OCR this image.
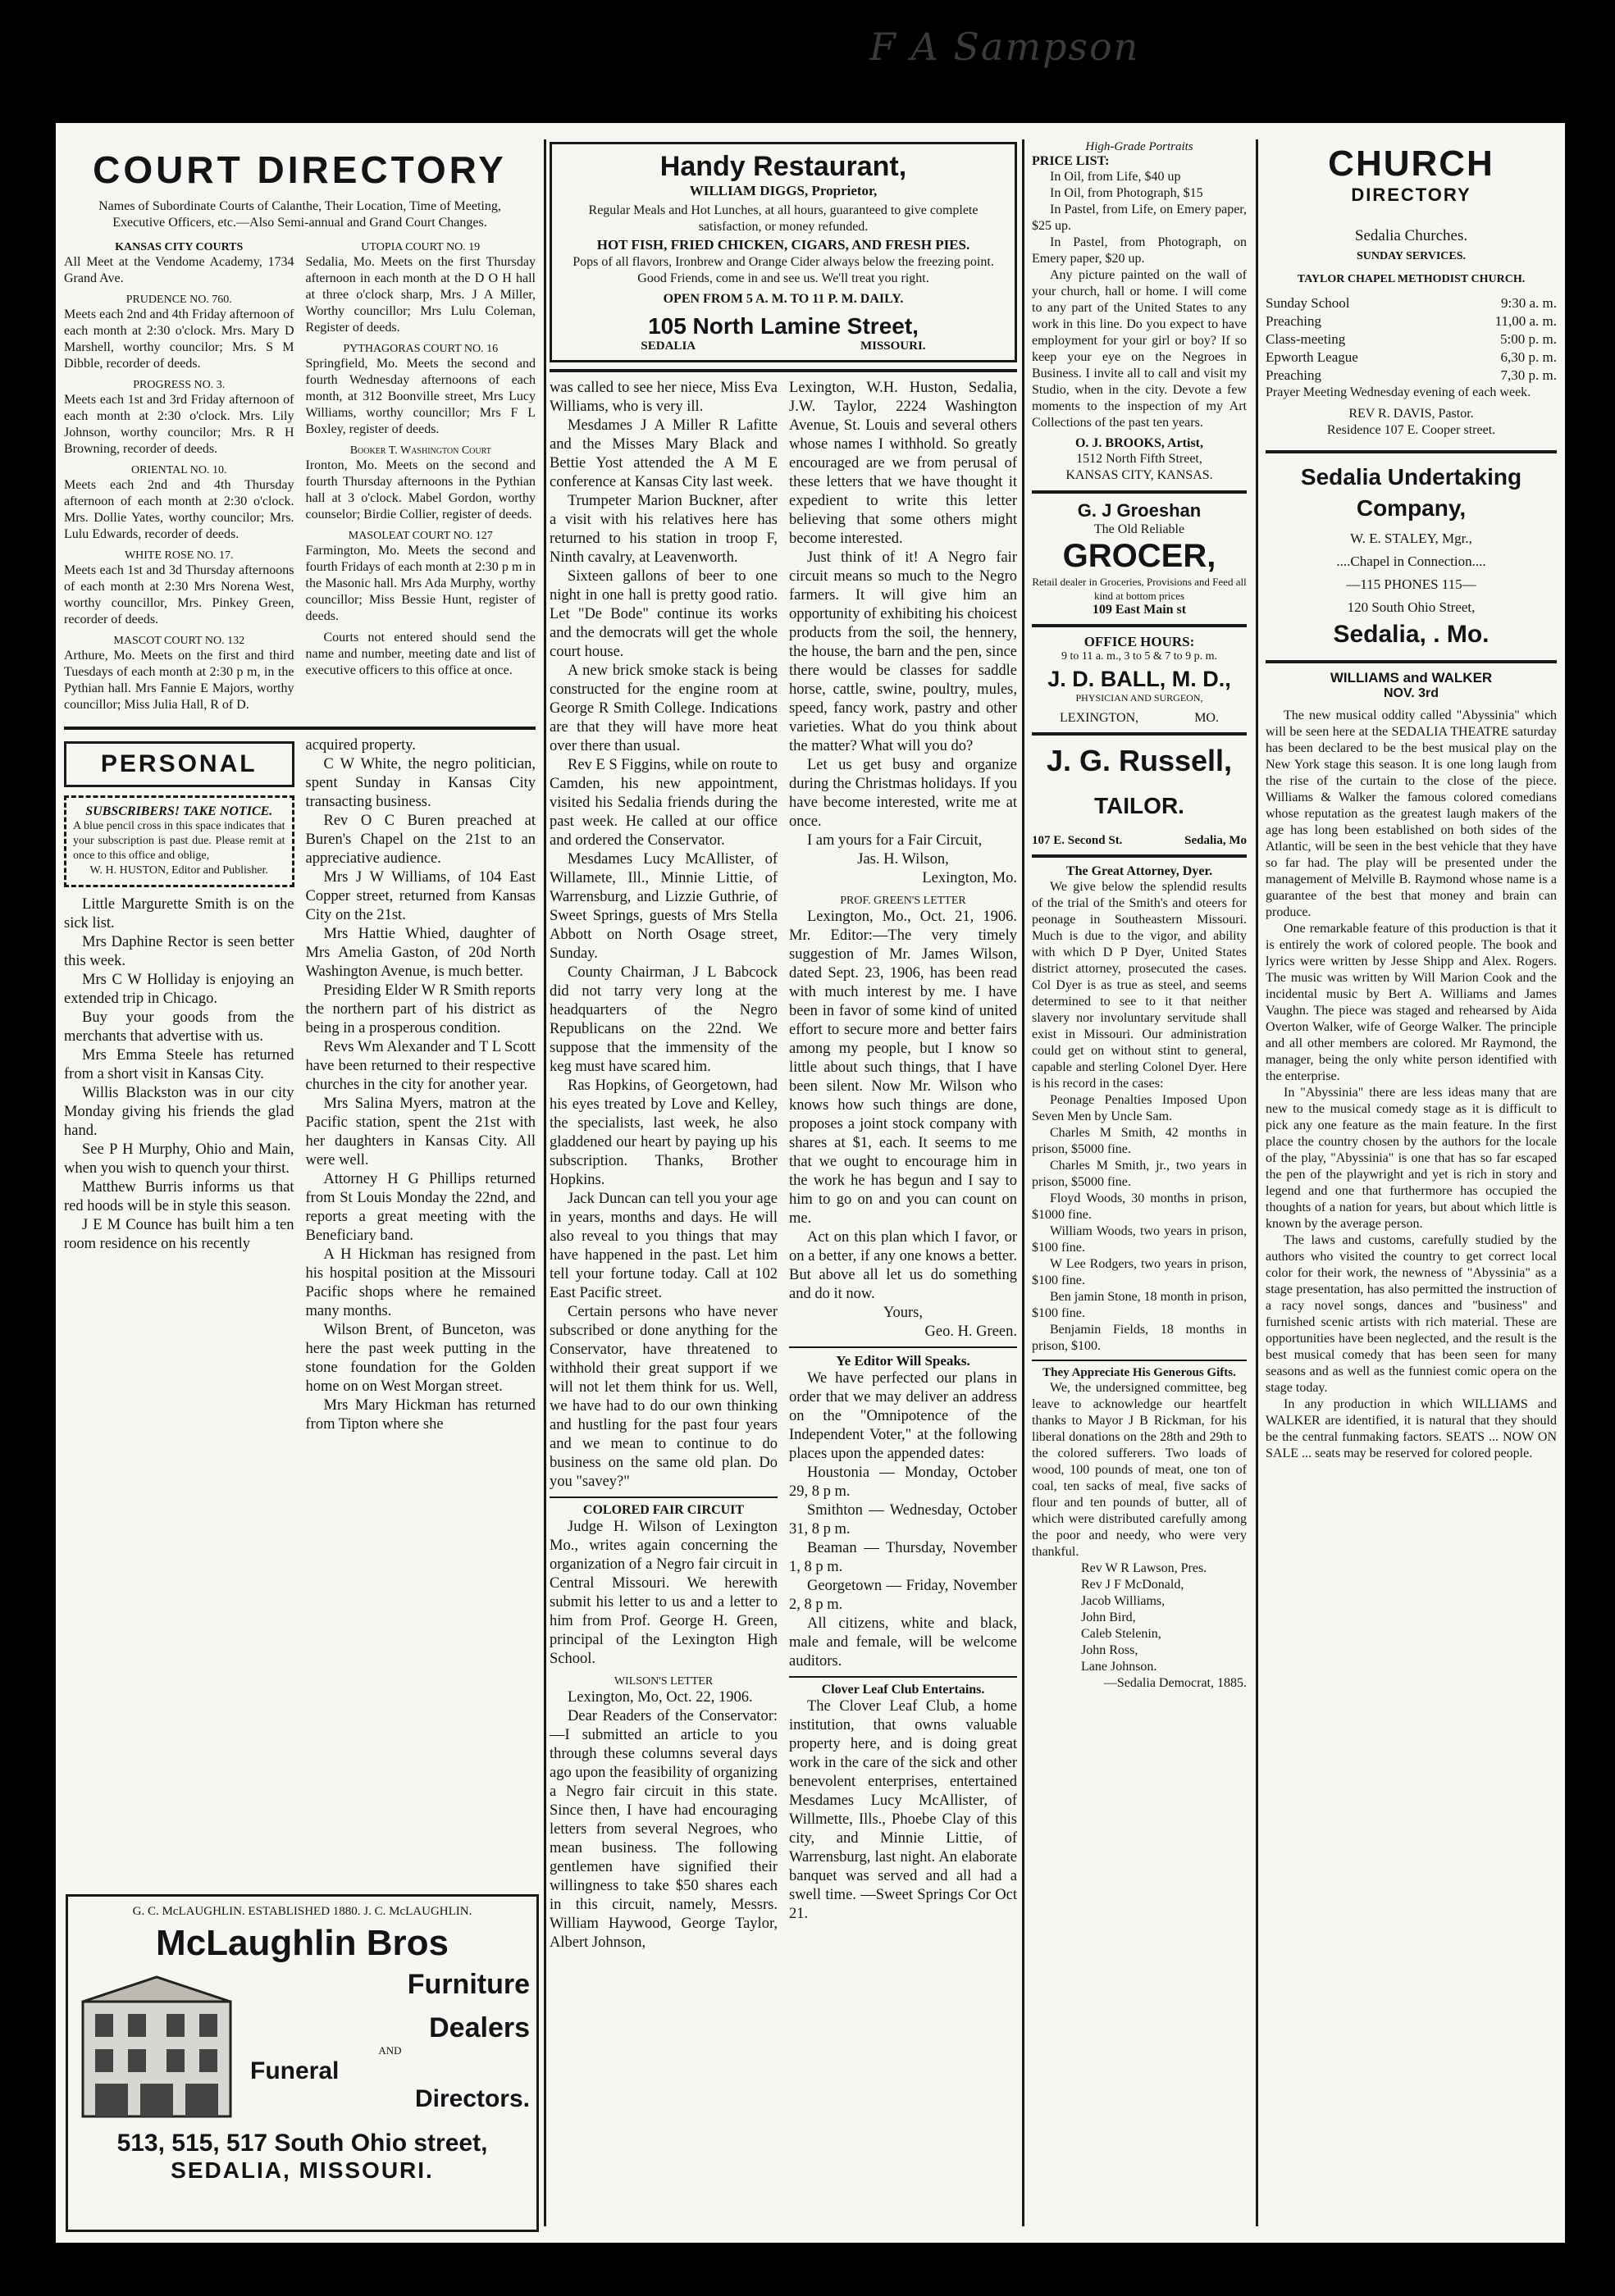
F A Sampson
COURT DIRECTORY

Names of Subordinate Courts of Calanthe, Their Location, Time of Meeting, Executive Officers, etc.—Also Semi-annual and Grand Court Changes.

KANSAS CITY COURTS

All Meet at the Vendome Academy, 1734 Grand Ave.

PRUDENCE NO. 760.

Meets each 2nd and 4th Friday afternoon of each month at 2:30 o'clock. Mrs. Mary D Marshell, worthy councilor; Mrs. S M Dibble, recorder of deeds.

PROGRESS NO. 3.

Meets each 1st and 3rd Friday afternoon of each month at 2:30 o'clock. Mrs. Lily Johnson, worthy councilor; Mrs. R H Browning, recorder of deeds.

ORIENTAL NO. 10.

Meets each 2nd and 4th Thursday afternoon of each month at 2:30 o'clock. Mrs. Dollie Yates, worthy councilor; Mrs. Lulu Edwards, recorder of deeds.

WHITE ROSE NO. 17.

Meets each 1st and 3d Thursday afternoons of each month at 2:30 Mrs Norena West, worthy councillor, Mrs. Pinkey Green, recorder of deeds.

MASCOT COURT NO. 132

Arthure, Mo. Meets on the first and third Tuesdays of each month at 2:30 p m, in the Pythian hall. Mrs Fannie E Majors, worthy councillor; Miss Julia Hall, R of D.

UTOPIA COURT NO. 19

Sedalia, Mo. Meets on the first Thursday afternoon in each month at the D O H hall at three o'clock sharp, Mrs. J A Miller, Worthy councillor; Mrs Lulu Coleman, Register of deeds.

PYTHAGORAS COURT NO. 16

Springfield, Mo. Meets the second and fourth Wednesday afternoons of each month, at 312 Boonville street, Mrs Lucy Williams, worthy councillor; Mrs F L Boxley, register of deeds.

Booker T. Washington Court

Ironton, Mo. Meets on the second and fourth Thursday afternoons in the Pythian hall at 3 o'clock. Mabel Gordon, worthy counselor; Birdie Collier, register of deeds.

MASOLEAT COURT NO. 127

Farmington, Mo. Meets the second and fourth Fridays of each month at 2:30 p m in the Masonic hall. Mrs Ada Murphy, worthy councillor; Miss Bessie Hunt, register of deeds.

Courts not entered should send the name and number, meeting date and list of executive officers to this office at once.

PERSONAL
SUBSCRIBERS! TAKE NOTICE.

A blue pencil cross in this space indicates that your subscription is past due. Please remit at once to this office and oblige,

W. H. HUSTON, Editor and Publisher.

Little Margurette Smith is on the sick list.

Mrs Daphine Rector is seen better this week.

Mrs C W Holliday is enjoying an extended trip in Chicago.

Buy your goods from the merchants that advertise with us.

Mrs Emma Steele has returned from a short visit in Kansas City.

Willis Blackston was in our city Monday giving his friends the glad hand.

See P H Murphy, Ohio and Main, when you wish to quench your thirst.

Matthew Burris informs us that red hoods will be in style this season.

J E M Counce has built him a ten room residence on his recently

acquired property.

C W White, the negro politician, spent Sunday in Kansas City transacting business.

Rev O C Buren preached at Buren's Chapel on the 21st to an appreciative audience.

Mrs J W Williams, of 104 East Copper street, returned from Kansas City on the 21st.

Mrs Hattie Whied, daughter of Mrs Amelia Gaston, of 20d North Washington Avenue, is much better.

Presiding Elder W R Smith reports the northern part of his district as being in a prosperous condition.

Revs Wm Alexander and T L Scott have been returned to their respective churches in the city for another year.

Mrs Salina Myers, matron at the Pacific station, spent the 21st with her daughters in Kansas City. All were well.

Attorney H G Phillips returned from St Louis Monday the 22nd, and reports a great meeting with the Beneficiary band.

A H Hickman has resigned from his hospital position at the Missouri Pacific shops where he remained many months.

Wilson Brent, of Bunceton, was here the past week putting in the stone foundation for the Golden home on on West Morgan street.

Mrs Mary Hickman has returned from Tipton where she

G. C. McLAUGHLIN. ESTABLISHED 1880. J. C. McLAUGHLIN.
McLaughlin Bros
Furniture
Dealers
AND
Funeral
Directors.
513, 515, 517 South Ohio street,
SEDALIA, MISSOURI.
Handy Restaurant,
WILLIAM DIGGS, Proprietor,

Regular Meals and Hot Lunches, at all hours, guaranteed to give complete satisfaction, or money refunded.

HOT FISH, FRIED CHICKEN, CIGARS, AND FRESH PIES.

Pops of all flavors, Ironbrew and Orange Cider always below the freezing point. Good Friends, come in and see us. We'll treat you right.

OPEN FROM 5 A. M. TO 11 P. M. DAILY.
105 North Lamine Street,
SEDALIA	MISSOURI.

was called to see her niece, Miss Eva Williams, who is very ill.

Mesdames J A Miller R Lafitte and the Misses Mary Black and Bettie Yost attended the A M E conference at Kansas City last week.

Trumpeter Marion Buckner, after a visit with his relatives here has returned to his station in troop F, Ninth cavalry, at Leavenworth.

Sixteen gallons of beer to one night in one hall is pretty good ratio. Let "De Bode" continue its works and the democrats will get the whole court house.

A new brick smoke stack is being constructed for the engine room at George R Smith College. Indications are that they will have more heat over there than usual.

Rev E S Figgins, while on route to Camden, his new appointment, visited his Sedalia friends during the past week. He called at our office and ordered the Conservator.

Mesdames Lucy McAllister, of Willamete, Ill., Minnie Littie, of Warrensburg, and Lizzie Guthrie, of Sweet Springs, guests of Mrs Stella Abbott on North Osage street, Sunday.

County Chairman, J L Babcock did not tarry very long at the headquarters of the Negro Republicans on the 22nd. We suppose that the immensity of the keg must have scared him.

Ras Hopkins, of Georgetown, had his eyes treated by Love and Kelley, the specialists, last week, he also gladdened our heart by paying up his subscription. Thanks, Brother Hopkins.

Jack Duncan can tell you your age in years, months and days. He will also reveal to you things that may have happened in the past. Let him tell your fortune today. Call at 102 East Pacific street.

Certain persons who have never subscribed or done anything for the Conservator, have threatened to withhold their great support if we will not let them think for us. Well, we have had to do our own thinking and hustling for the past four years and we mean to continue to do business on the same old plan. Do you "savey?"

COLORED FAIR CIRCUIT

Judge H. Wilson of Lexington Mo., writes again concerning the organization of a Negro fair circuit in Central Missouri. We herewith submit his letter to us and a letter to him from Prof. George H. Green, principal of the Lexington High School.

WILSON'S LETTER

Lexington, Mo, Oct. 22, 1906.

Dear Readers of the Conservator:—I submitted an article to you through these columns several days ago upon the feasibility of organizing a Negro fair circuit in this state. Since then, I have had encouraging letters from several Negroes, who mean business. The following gentlemen have signified their willingness to take $50 shares each in this circuit, namely, Messrs. William Haywood, George Taylor, Albert Johnson,

Lexington, W.H. Huston, Sedalia, J.W. Taylor, 2224 Washington Avenue, St. Louis and several others whose names I withhold. So greatly encouraged are we from perusal of these letters that we have thought it expedient to write this letter believing that some others might become interested.

Just think of it! A Negro fair circuit means so much to the Negro farmers. It will give him an opportunity of exhibiting his choicest products from the soil, the hennery, the house, the barn and the pen, since there would be classes for saddle horse, cattle, swine, poultry, mules, speed, fancy work, pastry and other varieties. What do you think about the matter? What will you do?

Let us get busy and organize during the Christmas holidays. If you have become interested, write me at once.

I am yours for a Fair Circuit,

Jas. H. Wilson,

Lexington, Mo.

PROF. GREEN'S LETTER

Lexington, Mo., Oct. 21, 1906. Mr. Editor:—The very timely suggestion of Mr. James Wilson, dated Sept. 23, 1906, has been read with much interest by me. I have been in favor of some kind of united effort to secure more and better fairs among my people, but I know so little about such things, that I have been silent. Now Mr. Wilson who knows how such things are done, proposes a joint stock company with shares at $1, each. It seems to me that we ought to encourage him in the work he has begun and I say to him to go on and you can count on me.

Act on this plan which I favor, or on a better, if any one knows a better. But above all let us do something and do it now.

Yours,

Geo. H. Green.

Ye Editor Will Speaks.

We have perfected our plans in order that we may deliver an address on the "Omnipotence of the Independent Voter," at the following places upon the appended dates:

Houstonia — Monday, October 29, 8 p m.

Smithton — Wednesday, October 31, 8 p m.

Beaman — Thursday, November 1, 8 p m.

Georgetown — Friday, November 2, 8 p m.

All citizens, white and black, male and female, will be welcome auditors.

Clover Leaf Club Entertains.

The Clover Leaf Club, a home institution, that owns valuable property here, and is doing great work in the care of the sick and other benevolent enterprises, entertained Mesdames Lucy McAllister, of Willmette, Ills., Phoebe Clay of this city, and Minnie Littie, of Warrensburg, last night. An elaborate banquet was served and all had a swell time. —Sweet Springs Cor Oct 21.

High-Grade Portraits
PRICE LIST:

In Oil, from Life, $40 up

In Oil, from Photograph, $15

In Pastel, from Life, on Emery paper, $25 up.

In Pastel, from Photograph, on Emery paper, $20 up.

Any picture painted on the wall of your church, hall or home. I will come to any part of the United States to any work in this line. Do you expect to have employment for your girl or boy? If so keep your eye on the Negroes in Business. I invite all to call and visit my Studio, when in the city. Devote a few moments to the inspection of my Art Collections of the past ten years.

O. J. BROOKS, Artist,
1512 North Fifth Street,
KANSAS CITY, KANSAS.
G. J Groeshan
The Old Reliable
GROCER,

Retail dealer in Groceries, Provisions and Feed all kind at bottom prices

109 East Main st
OFFICE HOURS:
9 to 11 a. m., 3 to 5 & 7 to 9 p. m.
J. D. BALL, M. D.,
PHYSICIAN AND SURGEON,
LEXINGTON,	MO.
J. G. Russell,
TAILOR.
107 E. Second St.	Sedalia, Mo
The Great Attorney, Dyer.

We give below the splendid results of the trial of the Smith's and oteers for peonage in Southeastern Missouri. Much is due to the vigor, and ability with which D P Dyer, United States district attorney, prosecuted the cases. Col Dyer is as true as steel, and seems determined to see to it that neither slavery nor involuntary servitude shall exist in Missouri. Our administration could get on without stint to general, capable and sterling Colonel Dyer. Here is his record in the cases:

Peonage Penalties Imposed Upon Seven Men by Uncle Sam.

Charles M Smith, 42 months in prison, $5000 fine.

Charles M Smith, jr., two years in prison, $5000 fine.

Floyd Woods, 30 months in prison, $1000 fine.

William Woods, two years in prison, $100 fine.

W Lee Rodgers, two years in prison, $100 fine.

Ben jamin Stone, 18 month in prison, $100 fine.

Benjamin Fields, 18 months in prison, $100.

They Appreciate His Generous Gifts.

We, the undersigned committee, beg leave to acknowledge our heartfelt thanks to Mayor J B Rickman, for his liberal donations on the 28th and 29th to the colored sufferers. Two loads of wood, 100 pounds of meat, one ton of coal, ten sacks of meal, five sacks of flour and ten pounds of butter, all of which were distributed carefully among the poor and needy, who were very thankful.

Rev W R Lawson, Pres.

Rev J F McDonald,

Jacob Williams,

John Bird,

Caleb Stelenin,

John Ross,

Lane Johnson.

—Sedalia Democrat, 1885.

CHURCH
DIRECTORY
Sedalia Churches.
SUNDAY SERVICES.
TAYLOR CHAPEL METHODIST CHURCH.
Sunday School	9:30 a. m.
Preaching	11,00 a. m.
Class-meeting	5:00 p. m.
Epworth League	6,30 p. m.
Preaching	7,30 p. m.

Prayer Meeting Wednesday evening of each week.

REV R. DAVIS, Pastor.
Residence 107 E. Cooper street.
Sedalia Undertaking Company,
W. E. STALEY, Mgr.,
....Chapel in Connection....
—115 PHONES 115—
120 South Ohio Street,
Sedalia, . Mo.
WILLIAMS and WALKER
NOV. 3rd

The new musical oddity called "Abyssinia" which will be seen here at the SEDALIA THEATRE saturday has been declared to be the best musical play on the New York stage this season. It is one long laugh from the rise of the curtain to the close of the piece. Williams & Walker the famous colored comedians whose reputation as the greatest laugh makers of the age has long been established on both sides of the Atlantic, will be seen in the best vehicle that they have so far had. The play will be presented under the management of Melville B. Raymond whose name is a guarantee of the best that money and brain can produce.

One remarkable feature of this production is that it is entirely the work of colored people. The book and lyrics were written by Jesse Shipp and Alex. Rogers. The music was written by Will Marion Cook and the incidental music by Bert A. Williams and James Vaughn. The piece was staged and rehearsed by Aida Overton Walker, wife of George Walker. The principle and all other members are colored. Mr Raymond, the manager, being the only white person identified with the enterprise.

In "Abyssinia" there are less ideas many that are new to the musical comedy stage as it is difficult to pick any one feature as the main feature. In the first place the country chosen by the authors for the locale of the play, "Abyssinia" is one that has so far escaped the pen of the playwright and yet is rich in story and legend and one that furthermore has occupied the thoughts of a nation for years, but about which little is known by the average person.

The laws and customs, carefully studied by the authors who visited the country to get correct local color for their work, the newness of "Abyssinia" as a stage presentation, has also permitted the instruction of a racy novel songs, dances and "business" and furnished scenic artists with rich material. These are opportunities have been neglected, and the result is the best musical comedy that has been seen for many seasons and as well as the funniest comic opera on the stage today.

In any production in which WILLIAMS and WALKER are identified, it is natural that they should be the central funmaking factors. SEATS ... NOW ON SALE ... seats may be reserved for colored people.
